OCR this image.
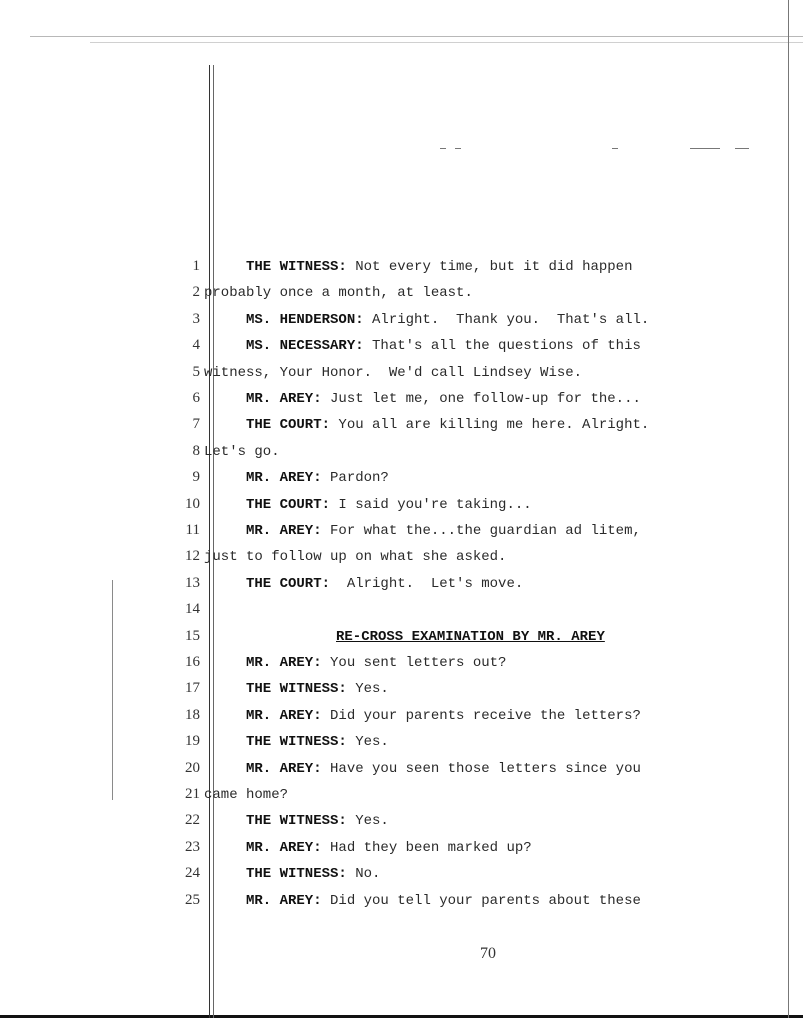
1	THE WITNESS: Not every time, but it did happen
2 probably once a month, at least.
3	MS. HENDERSON: Alright.  Thank you.  That's all.
4	MS. NECESSARY: That's all the questions of this
5 witness, Your Honor.  We'd call Lindsey Wise.
6	MR. AREY: Just let me, one follow-up for the...
7	THE COURT: You all are killing me here. Alright.
8 Let's go.
9	MR. AREY: Pardon?
10	THE COURT: I said you're taking...
11	MR. AREY: For what the...the guardian ad litem,
12 just to follow up on what she asked.
13	THE COURT:  Alright.  Let's move.
14
15	RE-CROSS EXAMINATION BY MR. AREY
16	MR. AREY: You sent letters out?
17	THE WITNESS: Yes.
18	MR. AREY: Did your parents receive the letters?
19	THE WITNESS: Yes.
20	MR. AREY: Have you seen those letters since you
21 came home?
22	THE WITNESS: Yes.
23	MR. AREY: Had they been marked up?
24	THE WITNESS: No.
25	MR. AREY: Did you tell your parents about these
70
